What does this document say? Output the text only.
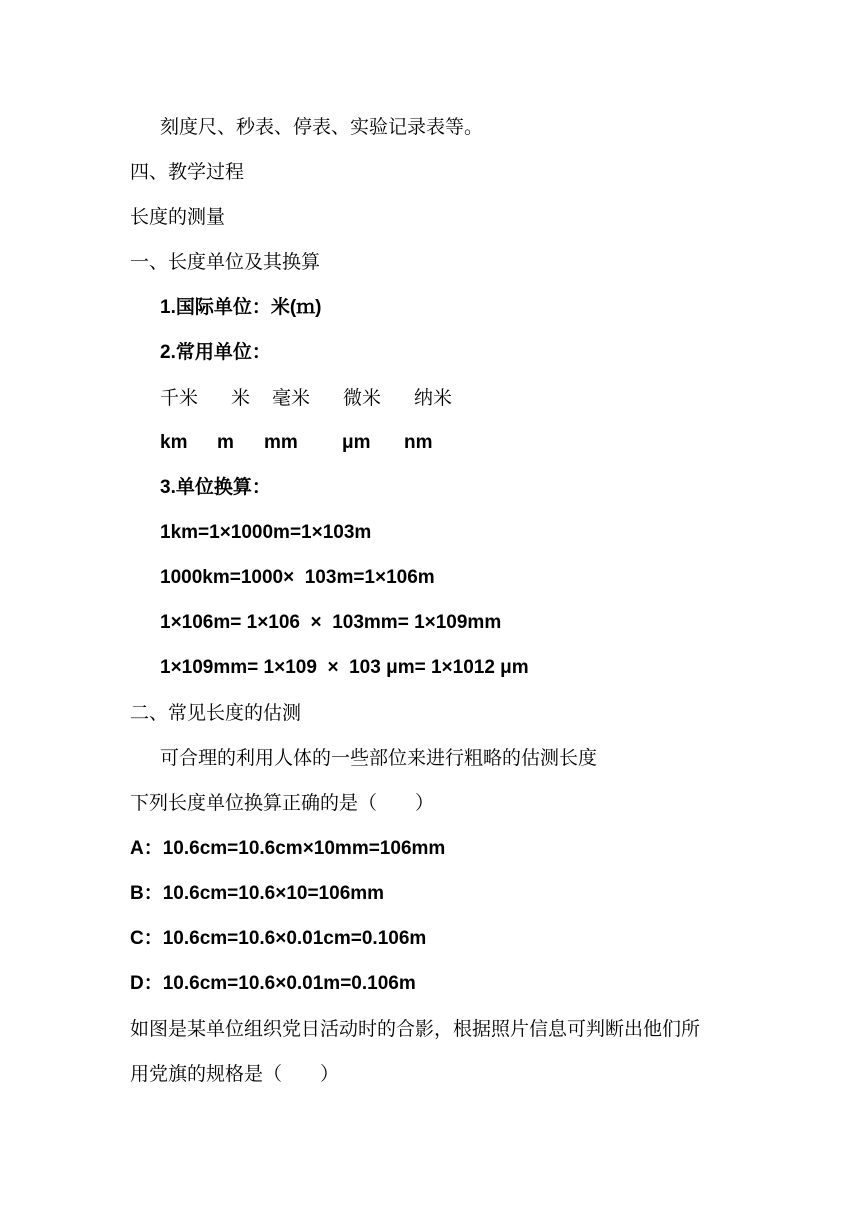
刻度尺、秒表、停表、实验记录表等。
四、教学过程
长度的测量
一、长度单位及其换算
1.国际单位：米(ｍ)
2.常用单位：
千米 米 毫米 微米 纳米
km m mm μm nm
3.单位换算：
1km=1×1000m=1×103m
1000km=1000×  103m=1×106m
1×106m= 1×106  ×  103mm= 1×109mm
1×109mm= 1×109  ×  103 μm= 1×1012 μm
二、常见长度的估测
可合理的利用人体的一些部位来进行粗略的估测长度
下列长度单位换算正确的是（　　）
A：10.6cm=10.6cm×10mm=106mm
B：10.6cm=10.6×10=106mm
C：10.6cm=10.6×0.01cm=0.106m
D：10.6cm=10.6×0.01m=0.106m
如图是某单位组织党日活动时的合影，根据照片信息可判断出他们所
用党旗的规格是（　　）
